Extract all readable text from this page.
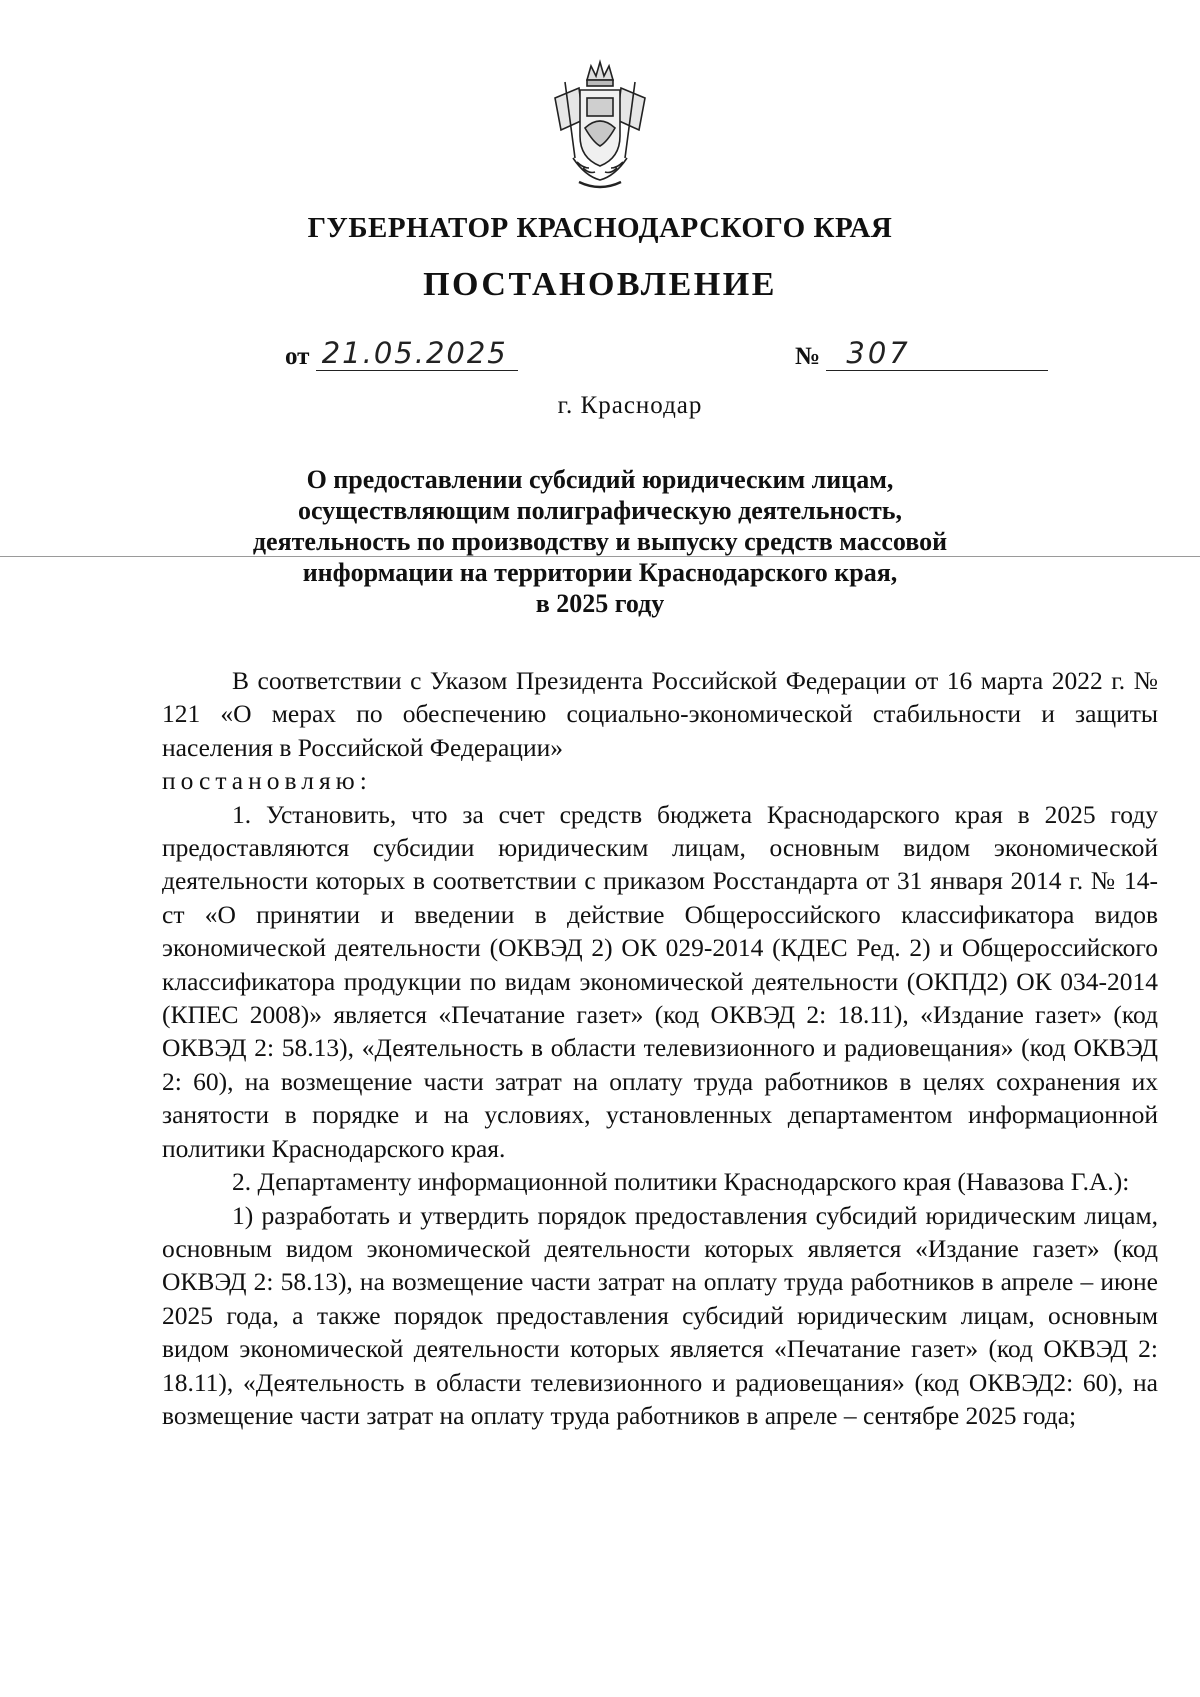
ГУБЕРНАТОР КРАСНОДАРСКОГО КРАЯ
ПОСТАНОВЛЕНИЕ
от 21.05.2025	№ 307
г. Краснодар
О предоставлении субсидий юридическим лицам,
осуществляющим полиграфическую деятельность,
деятельность по производству и выпуску средств массовой
информации на территории Краснодарского края,
в 2025 году

В соответствии с Указом Президента Российской Федерации от 16 марта 2022 г. № 121 «О мерах по обеспечению социально-экономической стабильности и защиты населения в Российской Федерации»

постановляю:

1. Установить, что за счет средств бюджета Краснодарского края в 2025 году предоставляются субсидии юридическим лицам, основным видом экономической деятельности которых в соответствии с приказом Росстандарта от 31 января 2014 г. № 14-ст «О принятии и введении в действие Общероссийского классификатора видов экономической деятельности (ОКВЭД 2) ОК 029-2014 (КДЕС Ред. 2) и Общероссийского классификатора продукции по видам экономической деятельности (ОКПД2) ОК 034-2014 (КПЕС 2008)» является «Печатание газет» (код ОКВЭД 2: 18.11), «Издание газет» (код ОКВЭД 2: 58.13), «Деятельность в области телевизионного и радиовещания» (код ОКВЭД 2: 60), на возмещение части затрат на оплату труда работников в целях сохранения их занятости в порядке и на условиях, установленных департаментом информационной политики Краснодарского края.

2. Департаменту информационной политики Краснодарского края (Навазова Г.А.):

1) разработать и утвердить порядок предоставления субсидий юридическим лицам, основным видом экономической деятельности которых является «Издание газет» (код ОКВЭД 2: 58.13), на возмещение части затрат на оплату труда работников в апреле – июне 2025 года, а также порядок предоставления субсидий юридическим лицам, основным видом экономической деятельности которых является «Печатание газет» (код ОКВЭД 2: 18.11), «Деятельность в области телевизионного и радиовещания» (код ОКВЭД2: 60), на возмещение части затрат на оплату труда работников в апреле – сентябре 2025 года;
